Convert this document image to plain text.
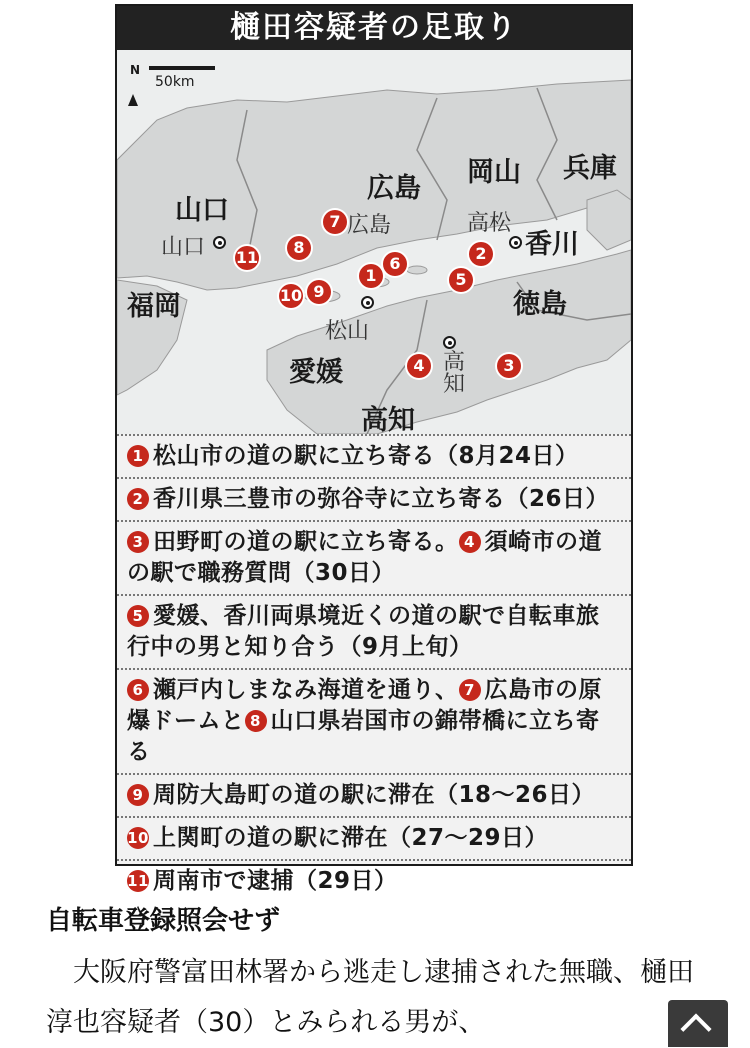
樋田容疑者の足取り
N
50km
山口
広島
岡山 兵庫
香川
徳島
福岡
愛媛
高知
山口
高松
広島
松山
高知
1
2
3
4
5
6
7
8
9
10
11
1 松山市の道の駅に立ち寄る（8月24日）
2 香川県三豊市の弥谷寺に立ち寄る（26日）
3 田野町の道の駅に立ち寄る。 4 須崎市の道の駅で職務質問（30日）
5 愛媛、香川両県境近くの道の駅で自転車旅行中の男と知り合う（9月上旬）
6 瀬戸内しまなみ海道を通り、 7 広島市の原爆ドームと 8 山口県岩国市の錦帯橋に立ち寄る
9 周防大島町の道の駅に滞在（18〜26日）
10 上関町の道の駅に滞在（27〜29日）
11 周南市で逮捕（29日）
自転車登録照会せず
大阪府警富田林署から逃走し逮捕された無職、樋田淳也容疑者（30）とみられる男が、
